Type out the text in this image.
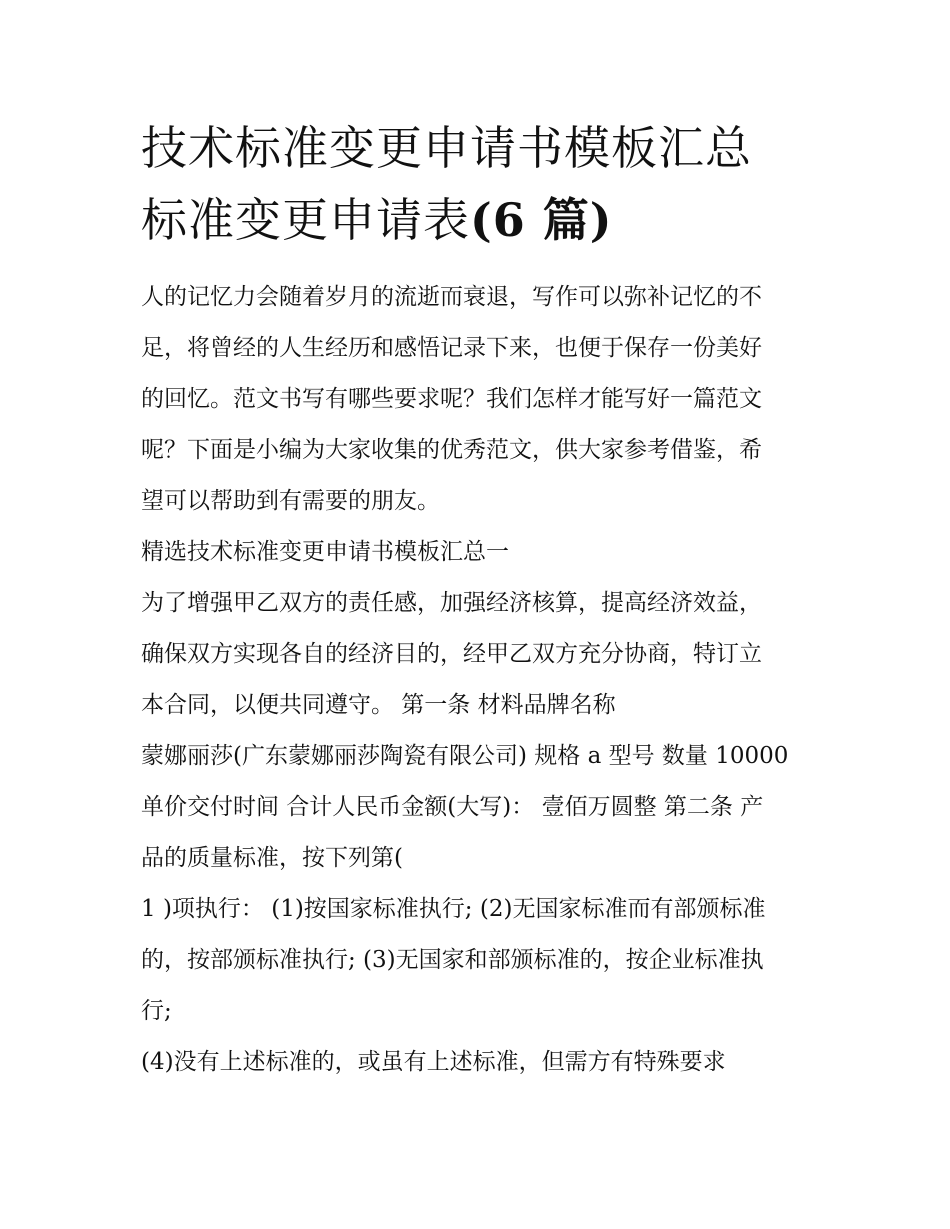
技术标准变更申请书模板汇总
标准变更申请表(6 篇)

人的记忆力会随着岁月的流逝而衰退，写作可以弥补记忆的不
足，将曾经的人生经历和感悟记录下来，也便于保存一份美好
的回忆。范文书写有哪些要求呢？我们怎样才能写好一篇范文
呢？下面是小编为大家收集的优秀范文，供大家参考借鉴，希
望可以帮助到有需要的朋友。

精选技术标准变更申请书模板汇总一

为了增强甲乙双方的责任感，加强经济核算，提高经济效益，
确保双方实现各自的经济目的，经甲乙双方充分协商，特订立
本合同，以便共同遵守。 第一条 材料品牌名称

蒙娜丽莎(广东蒙娜丽莎陶瓷有限公司) 规格 a 型号 数量 10000
单价交付时间 合计人民币金额(大写)： 壹佰万圆整 第二条 产
品的质量标准，按下列第(

1 )项执行： (1)按国家标准执行; (2)无国家标准而有部颁标准
的，按部颁标准执行; (3)无国家和部颁标准的，按企业标准执
行;

(4)没有上述标准的，或虽有上述标准，但需方有特殊要求
